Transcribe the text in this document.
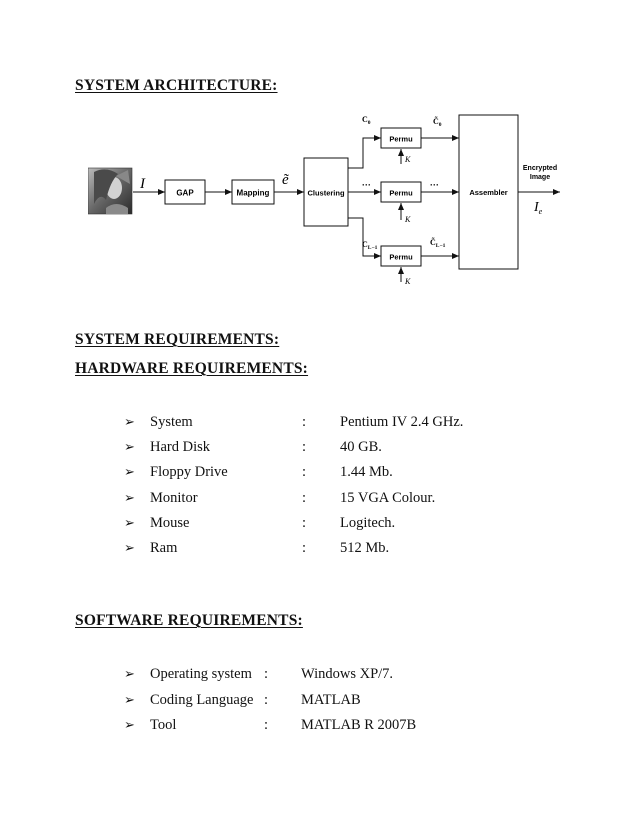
SYSTEM ARCHITECTURE:
I
GAP	Mapping
ẽ
Clustering
$C_0$
···
$C_{L-1}$
Permu
Permu
Permu
K
K
K
$C̃_0$
···
$C̃_{L-1}$
Assembler
Encrypted
Image
$I_e$
SYSTEM REQUIREMENTS:
HARDWARE REQUIREMENTS:
➢ System	: Pentium IV 2.4 GHz.
➢ Hard Disk	: 40 GB.
➢ Floppy Drive	: 1.44 Mb.
➢ Monitor	: 15 VGA Colour.
➢ Mouse	: Logitech.
➢ Ram	: 512 Mb.
SOFTWARE REQUIREMENTS:
➢ Operating system : Windows XP/7.
➢ Coding Language : MATLAB
➢ Tool	: MATLAB R 2007B
